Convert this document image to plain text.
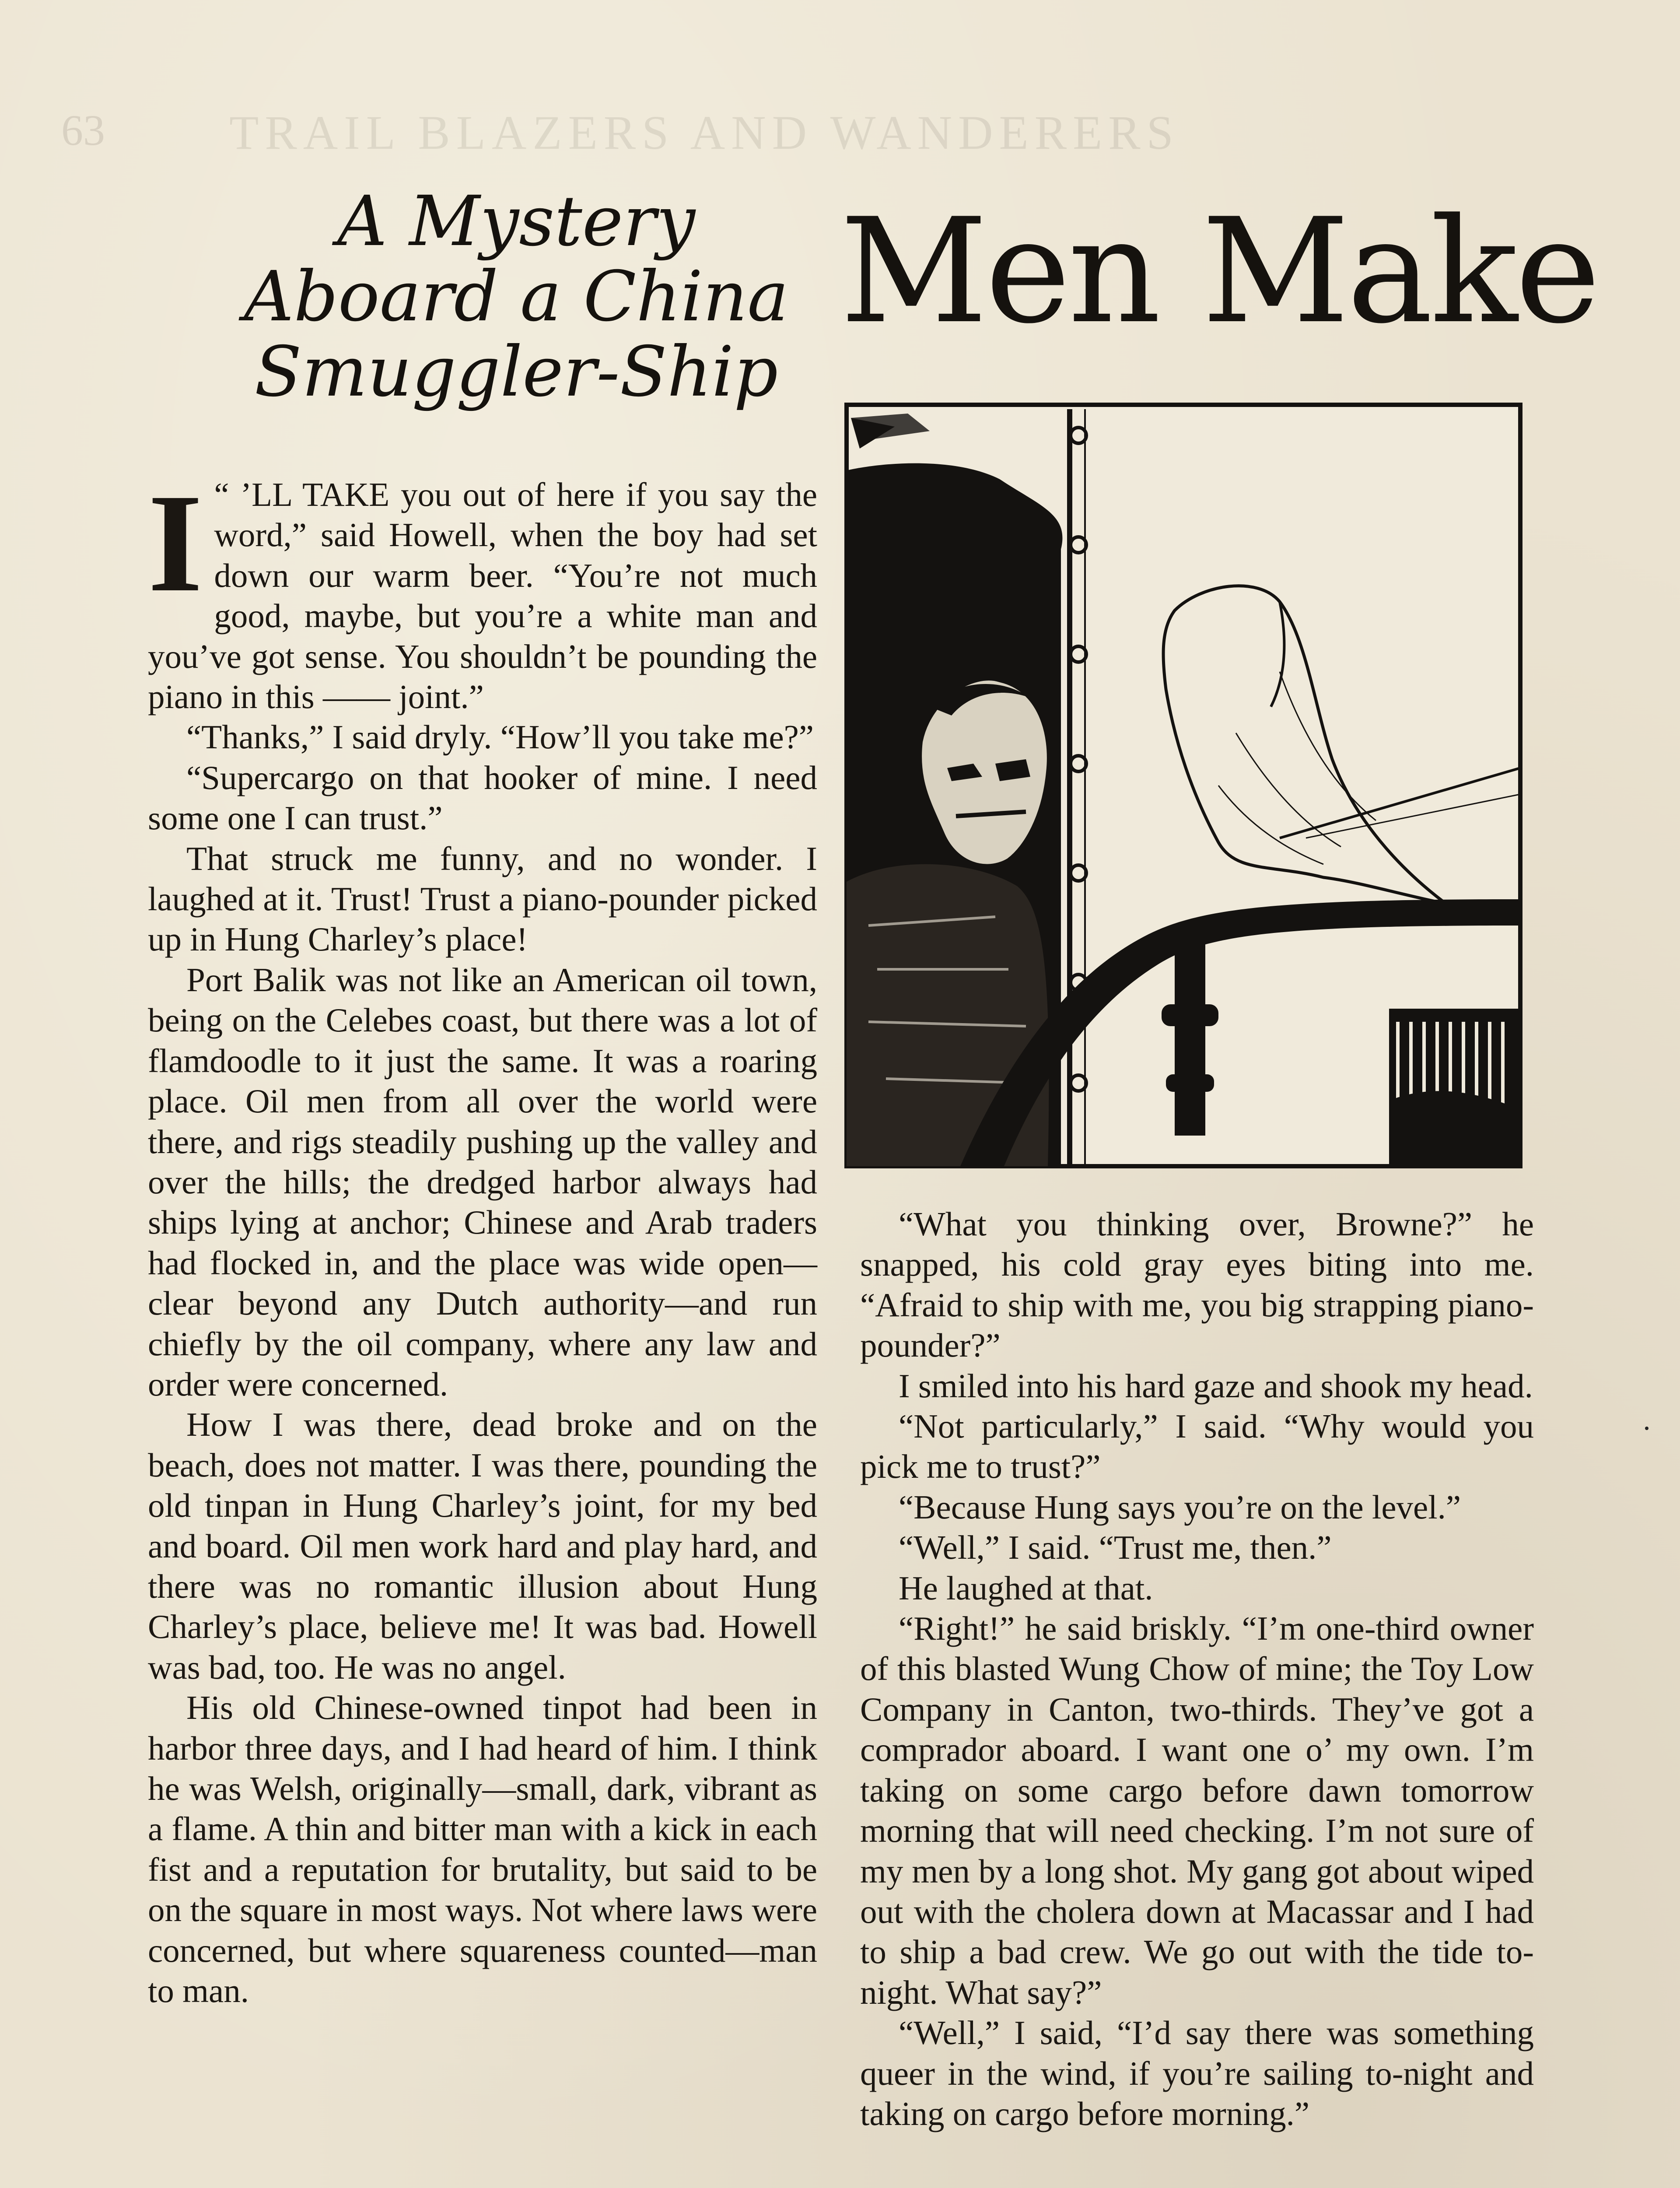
63	TRAIL BLAZERS AND WANDERERS
A Mystery
Aboard a China
Smuggler-Ship
Men Make
I “ ’LL TAKE you out of here if you say the word,” said Howell, when the boy had set down our warm beer. “You’re not much good, maybe, but you’re a white man and you’ve got sense. You shouldn’t be pounding the piano in this —— joint.”

“Thanks,” I said dryly. “How’ll you take me?”

“Supercargo on that hooker of mine. I need some one I can trust.”

That struck me funny, and no wonder. I laughed at it. Trust! Trust a piano-pounder picked up in Hung Charley’s place!

Port Balik was not like an American oil town, being on the Celebes coast, but there was a lot of flamdoodle to it just the same. It was a roaring place. Oil men from all over the world were there, and rigs steadily pushing up the valley and over the hills; the dredged harbor always had ships lying at anchor; Chinese and Arab traders had flocked in, and the place was wide open—clear beyond any Dutch authority—and run chiefly by the oil company, where any law and order were concerned.

How I was there, dead broke and on the beach, does not matter. I was there, pounding the old tinpan in Hung Charley’s joint, for my bed and board. Oil men work hard and play hard, and there was no romantic illusion about Hung Charley’s place, believe me! It was bad. Howell was bad, too. He was no angel.

His old Chinese-owned tinpot had been in harbor three days, and I had heard of him. I think he was Welsh, originally—small, dark, vibrant as a flame. A thin and bitter man with a kick in each fist and a reputation for brutality, but said to be on the square in most ways. Not where laws were concerned, but where squareness counted—man to man.

“What you thinking over, Browne?” he snapped, his cold gray eyes biting into me. “Afraid to ship with me, you big strapping piano-pounder?”

I smiled into his hard gaze and shook my head.

“Not particularly,” I said. “Why would you pick me to trust?”

“Because Hung says you’re on the level.”

“Well,” I said. “Trust me, then.”

He laughed at that.

“Right!” he said briskly. “I’m one-third owner of this blasted Wung Chow of mine; the Toy Low Company in Canton, two-thirds. They’ve got a comprador aboard. I want one o’ my own. I’m taking on some cargo before dawn tomorrow morning that will need checking. I’m not sure of my men by a long shot. My gang got about wiped out with the cholera down at Macassar and I had to ship a bad crew. We go out with the tide to-night. What say?”

“Well,” I said, “I’d say there was something queer in the wind, if you’re sailing to-night and taking on cargo before morning.”
